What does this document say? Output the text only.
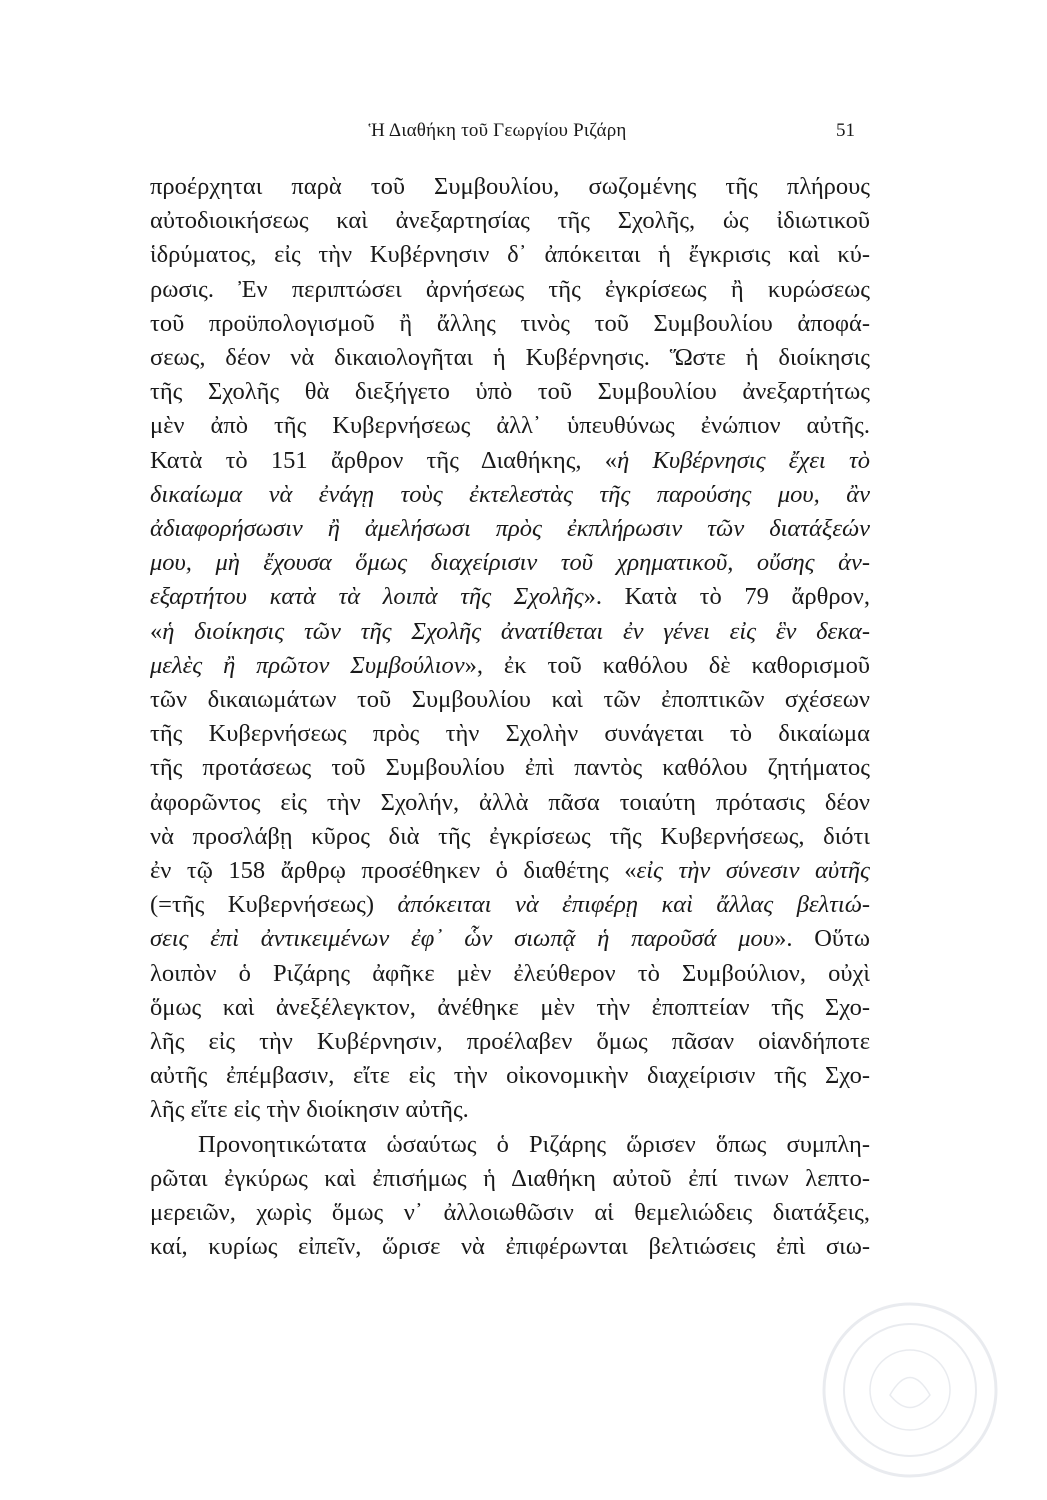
Ἡ Διαθήκη τοῦ Γεωργίου Ριζάρη	51

προέρχηται παρὰ τοῦ Συμβουλίου, σωζομένης τῆς πλήρους
αὐτοδιοικήσεως καὶ ἀνεξαρτησίας τῆς Σχολῆς, ὡς ἰδιωτικοῦ
ἱδρύματος, εἰς τὴν Κυβέρνησιν δ᾽ ἀπόκειται ἡ ἔγκρισις καὶ κύ-
ρωσις. Ἐν περιπτώσει ἀρνήσεως τῆς ἐγκρίσεως ἢ κυρώσεως
τοῦ προϋπολογισμοῦ ἢ ἄλλης τινὸς τοῦ Συμβουλίου ἀποφά-
σεως, δέον νὰ δικαιολογῆται ἡ Κυβέρνησις. Ὥστε ἡ διοίκησις
τῆς Σχολῆς θὰ διεξήγετο ὑπὸ τοῦ Συμβουλίου ἀνεξαρτήτως
μὲν ἀπὸ τῆς Κυβερνήσεως ἀλλ᾽ ὑπευθύνως ἐνώπιον αὐτῆς.
Κατὰ τὸ 151 ἄρθρον τῆς Διαθήκης, «ἡ Κυβέρνησις ἔχει τὸ
δικαίωμα νὰ ἐνάγῃ τοὺς ἐκτελεστὰς τῆς παρούσης μου, ἂν
ἀδιαφορήσωσιν ἢ ἀμελήσωσι πρὸς ἐκπλήρωσιν τῶν διατάξεών
μου, μὴ ἔχουσα ὅμως διαχείρισιν τοῦ χρηματικοῦ, οὔσης ἀν-
εξαρτήτου κατὰ τὰ λοιπὰ τῆς Σχολῆς». Κατὰ τὸ 79 ἄρθρον,
«ἡ διοίκησις τῶν τῆς Σχολῆς ἀνατίθεται ἐν γένει εἰς ἓν δεκα-
μελὲς ἢ πρῶτον Συμβούλιον», ἐκ τοῦ καθόλου δὲ καθορισμοῦ
τῶν δικαιωμάτων τοῦ Συμβουλίου καὶ τῶν ἐποπτικῶν σχέσεων
τῆς Κυβερνήσεως πρὸς τὴν Σχολὴν συνάγεται τὸ δικαίωμα
τῆς προτάσεως τοῦ Συμβουλίου ἐπὶ παντὸς καθόλου ζητήματος
ἀφορῶντος εἰς τὴν Σχολήν, ἀλλὰ πᾶσα τοιαύτη πρότασις δέον
νὰ προσλάβῃ κῦρος διὰ τῆς ἐγκρίσεως τῆς Κυβερνήσεως, διότι
ἐν τῷ 158 ἄρθρῳ προσέθηκεν ὁ διαθέτης «εἰς τὴν σύνεσιν αὐτῆς
(=τῆς Κυβερνήσεως) ἀπόκειται νὰ ἐπιφέρῃ καὶ ἄλλας βελτιώ-
σεις ἐπὶ ἀντικειμένων ἐφ᾽ ὧν σιωπᾷ ἡ παροῦσά μου». Οὕτω
λοιπὸν ὁ Ριζάρης ἀφῆκε μὲν ἐλεύθερον τὸ Συμβούλιον, οὐχὶ
ὅμως καὶ ἀνεξέλεγκτον, ἀνέθηκε μὲν τὴν ἐποπτείαν τῆς Σχο-
λῆς εἰς τὴν Κυβέρνησιν, προέλαβεν ὅμως πᾶσαν οἱανδήποτε
αὐτῆς ἐπέμβασιν, εἴτε εἰς τὴν οἰκονομικὴν διαχείρισιν τῆς Σχο-
λῆς εἴτε εἰς τὴν διοίκησιν αὐτῆς.

Προνοητικώτατα ὡσαύτως ὁ Ριζάρης ὥρισεν ὅπως συμπλη-
ρῶται ἐγκύρως καὶ ἐπισήμως ἡ Διαθήκη αὐτοῦ ἐπί τινων λεπτο-
μερειῶν, χωρὶς ὅμως ν᾽ ἀλλοιωθῶσιν αἱ θεμελιώδεις διατάξεις,
καί, κυρίως εἰπεῖν, ὥρισε νὰ ἐπιφέρωνται βελτιώσεις ἐπὶ σιω-
